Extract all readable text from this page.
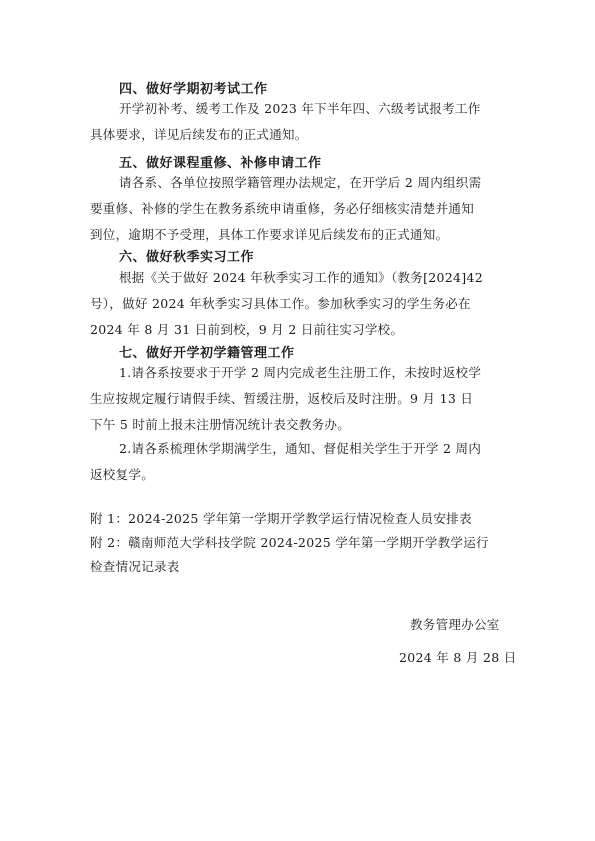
四、做好学期初考试工作
开学初补考、缓考工作及 2023 年下半年四、六级考试报考工作
具体要求，详见后续发布的正式通知。
五、做好课程重修、补修申请工作
请各系、各单位按照学籍管理办法规定，在开学后 2 周内组织需
要重修、补修的学生在教务系统申请重修，务必仔细核实清楚并通知
到位，逾期不予受理，具体工作要求详见后续发布的正式通知。
六、做好秋季实习工作
根据《关于做好 2024 年秋季实习工作的通知》（教务[2024]42
号），做好 2024 年秋季实习具体工作。参加秋季实习的学生务必在
2024 年 8 月 31 日前到校，9 月 2 日前往实习学校。
七、做好开学初学籍管理工作
1.请各系按要求于开学 2 周内完成老生注册工作，未按时返校学
生应按规定履行请假手续、暂缓注册，返校后及时注册。9 月 13 日
下午 5 时前上报未注册情况统计表交教务办。
2.请各系梳理休学期满学生，通知、督促相关学生于开学 2 周内
返校复学。
附 1：2024-2025 学年第一学期开学教学运行情况检查人员安排表
附 2：赣南师范大学科技学院 2024-2025 学年第一学期开学教学运行
检查情况记录表
教务管理办公室
2024 年 8 月 28 日
